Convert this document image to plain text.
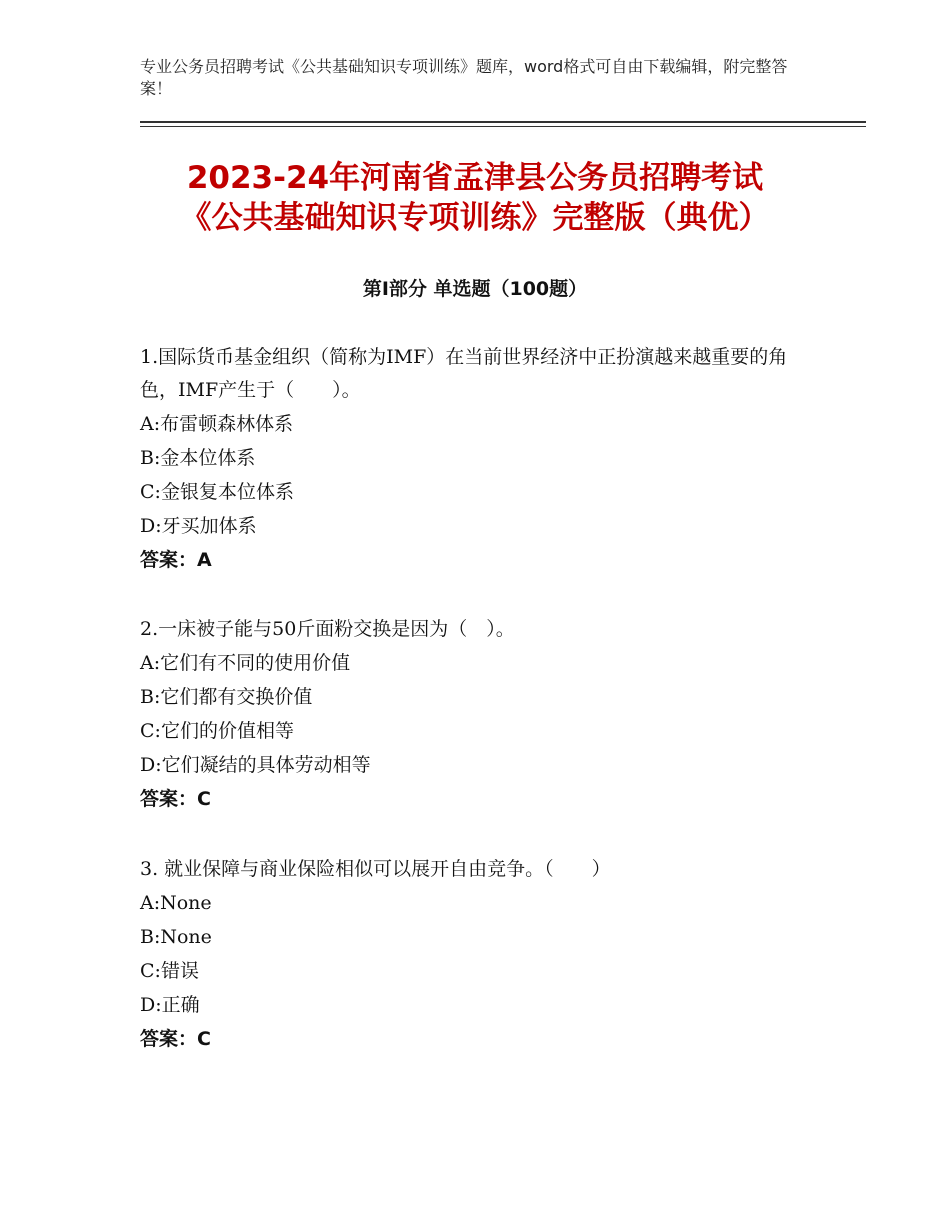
专业公务员招聘考试《公共基础知识专项训练》题库，word格式可自由下载编辑，附完整答案！
2023-24年河南省孟津县公务员招聘考试
《公共基础知识专项训练》完整版（典优）
第Ⅰ部分 单选题（100题）

1.国际货币基金组织（简称为IMF）在当前世界经济中正扮演越来越重要的角色，IMF产生于（　　）。

A:布雷顿森林体系

B:金本位体系

C:金银复本位体系

D:牙买加体系

答案：A

2.一床被子能与50斤面粉交换是因为（　）。

A:它们有不同的使用价值

B:它们都有交换价值

C:它们的价值相等

D:它们凝结的具体劳动相等

答案：C

3. 就业保障与商业保险相似可以展开自由竞争。（　　）

A:None

B:None

C:错误

D:正确

答案：C
